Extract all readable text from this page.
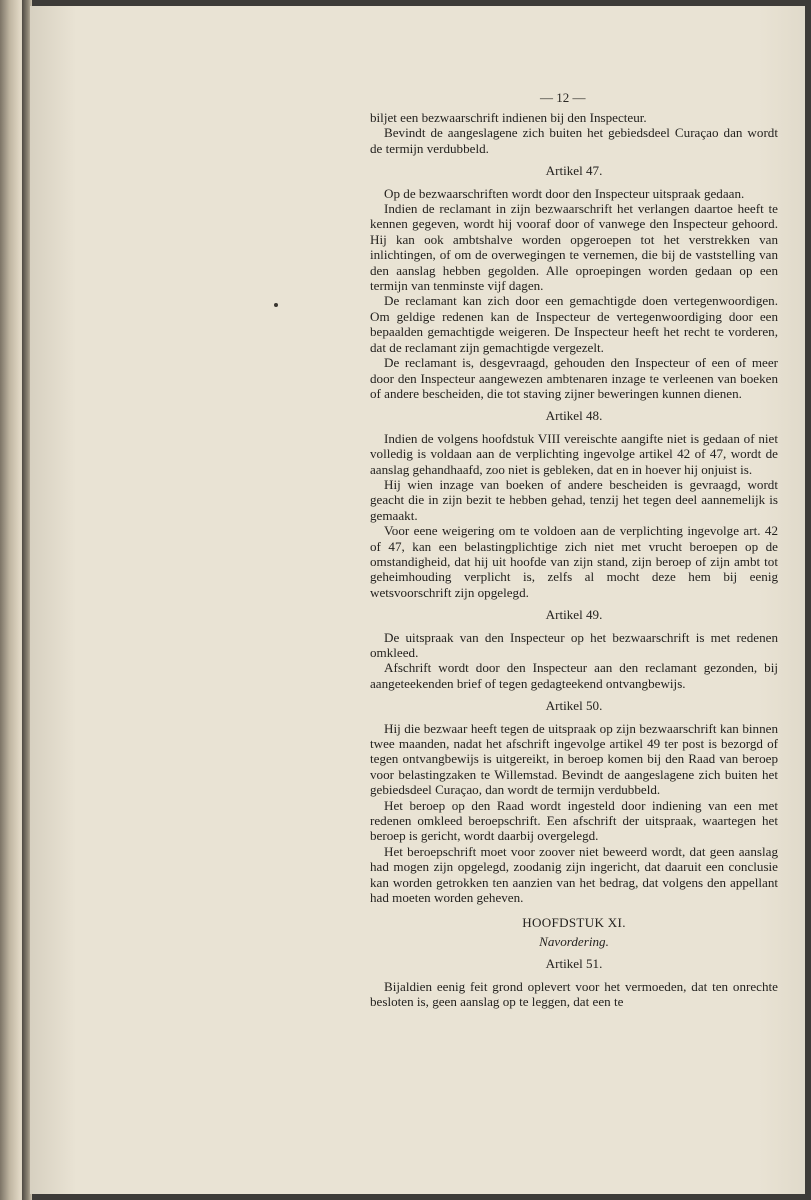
— 12 —

biljet een bezwaarschrift indienen bij den Inspecteur.

Bevindt de aangeslagene zich buiten het gebiedsdeel Curaçao dan wordt de termijn verdubbeld.

Artikel 47.

Op de bezwaarschriften wordt door den Inspecteur uitspraak gedaan.

Indien de reclamant in zijn bezwaarschrift het verlangen daartoe heeft te kennen gegeven, wordt hij vooraf door of vanwege den Inspecteur gehoord. Hij kan ook ambtshalve worden opgeroepen tot het verstrekken van inlichtingen, of om de overwegingen te vernemen, die bij de vaststelling van den aanslag hebben gegolden. Alle oproepingen worden gedaan op een termijn van tenminste vijf dagen.

De reclamant kan zich door een gemachtigde doen vertegenwoordigen. Om geldige redenen kan de Inspecteur de vertegenwoordiging door een bepaalden gemachtigde weigeren. De Inspecteur heeft het recht te vorderen, dat de reclamant zijn gemachtigde vergezelt.

De reclamant is, desgevraagd, gehouden den Inspecteur of een of meer door den Inspecteur aangewezen ambtenaren inzage te verleenen van boeken of andere bescheiden, die tot staving zijner beweringen kunnen dienen.

Artikel 48.

Indien de volgens hoofdstuk VIII vereischte aangifte niet is gedaan of niet volledig is voldaan aan de verplichting ingevolge artikel 42 of 47, wordt de aanslag gehandhaafd, zoo niet is gebleken, dat en in hoever hij onjuist is.

Hij wien inzage van boeken of andere bescheiden is gevraagd, wordt geacht die in zijn bezit te hebben gehad, tenzij het tegen deel aannemelijk is gemaakt.

Voor eene weigering om te voldoen aan de verplichting ingevolge art. 42 of 47, kan een belastingplichtige zich niet met vrucht beroepen op de omstandigheid, dat hij uit hoofde van zijn stand, zijn beroep of zijn ambt tot geheimhouding verplicht is, zelfs al mocht deze hem bij eenig wetsvoorschrift zijn opgelegd.

Artikel 49.

De uitspraak van den Inspecteur op het bezwaarschrift is met redenen omkleed.

Afschrift wordt door den Inspecteur aan den reclamant gezonden, bij aangeteekenden brief of tegen gedagteekend ontvangbewijs.

Artikel 50.

Hij die bezwaar heeft tegen de uitspraak op zijn bezwaarschrift kan binnen twee maanden, nadat het afschrift ingevolge artikel 49 ter post is bezorgd of tegen ontvangbewijs is uitgereikt, in beroep komen bij den Raad van beroep voor belastingzaken te Willemstad. Bevindt de aangeslagene zich buiten het gebiedsdeel Curaçao, dan wordt de termijn verdubbeld.

Het beroep op den Raad wordt ingesteld door indiening van een met redenen omkleed beroepschrift. Een afschrift der uitspraak, waartegen het beroep is gericht, wordt daarbij overgelegd.

Het beroepschrift moet voor zoover niet beweerd wordt, dat geen aanslag had mogen zijn opgelegd, zoodanig zijn ingericht, dat daaruit een conclusie kan worden getrokken ten aanzien van het bedrag, dat volgens den appellant had moeten worden geheven.

HOOFDSTUK XI.
Navordering.
Artikel 51.

Bijaldien eenig feit grond oplevert voor het vermoeden, dat ten onrechte besloten is, geen aanslag op te leggen, dat een te
